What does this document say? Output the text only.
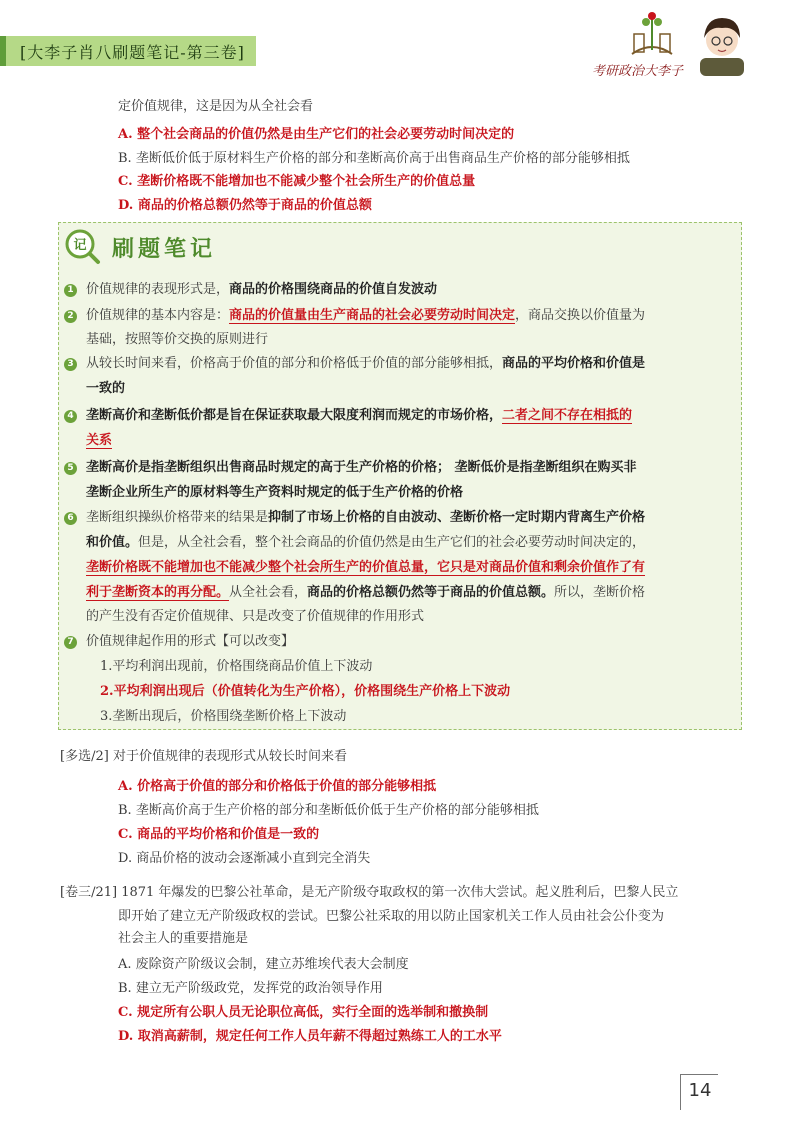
[大李子肖八刷题笔记-第三卷]
考研政治大李子
定价值规律，这是因为从全社会看
A. 整个社会商品的价值仍然是由生产它们的社会必要劳动时间决定的
B. 垄断低价低于原材料生产价格的部分和垄断高价高于出售商品生产价格的部分能够相抵
C. 垄断价格既不能增加也不能减少整个社会所生产的价值总量
D. 商品的价格总额仍然等于商品的价值总额
记 刷题笔记
1 价值规律的表现形式是，商品的价格围绕商品的价值自发波动
2 价值规律的基本内容是：商品的价值量由生产商品的社会必要劳动时间决定，商品交换以价值量为
基础，按照等价交换的原则进行
3 从较长时间来看，价格高于价值的部分和价格低于价值的部分能够相抵，商品的平均价格和价值是
一致的
4 垄断高价和垄断低价都是旨在保证获取最大限度利润而规定的市场价格，二者之间不存在相抵的
关系
5 垄断高价是指垄断组织出售商品时规定的高于生产价格的价格； 垄断低价是指垄断组织在购买非
垄断企业所生产的原材料等生产资料时规定的低于生产价格的价格
6 垄断组织操纵价格带来的结果是抑制了市场上价格的自由波动、垄断价格一定时期内背离生产价格
和价值。但是，从全社会看，整个社会商品的价值仍然是由生产它们的社会必要劳动时间决定的，
垄断价格既不能增加也不能减少整个社会所生产的价值总量，它只是对商品价值和剩余价值作了有
利于垄断资本的再分配。从全社会看，商品的价格总额仍然等于商品的价值总额。所以，垄断价格
的产生没有否定价值规律、只是改变了价值规律的作用形式
7 价值规律起作用的形式【可以改变】
1.平均利润出现前，价格围绕商品价值上下波动
2.平均利润出现后（价值转化为生产价格），价格围绕生产价格上下波动
3.垄断出现后，价格围绕垄断价格上下波动
[多选/2] 对于价值规律的表现形式从较长时间来看
A. 价格高于价值的部分和价格低于价值的部分能够相抵
B. 垄断高价高于生产价格的部分和垄断低价低于生产价格的部分能够相抵
C. 商品的平均价格和价值是一致的
D. 商品价格的波动会逐渐减小直到完全消失
[卷三/21] 1871 年爆发的巴黎公社革命，是无产阶级夺取政权的第一次伟大尝试。起义胜利后，巴黎人民立
即开始了建立无产阶级政权的尝试。巴黎公社采取的用以防止国家机关工作人员由社会公仆变为
社会主人的重要措施是
A. 废除资产阶级议会制，建立苏维埃代表大会制度
B. 建立无产阶级政党，发挥党的政治领导作用
C. 规定所有公职人员无论职位高低，实行全面的选举制和撤换制
D. 取消高薪制，规定任何工作人员年薪不得超过熟练工人的工水平
14
